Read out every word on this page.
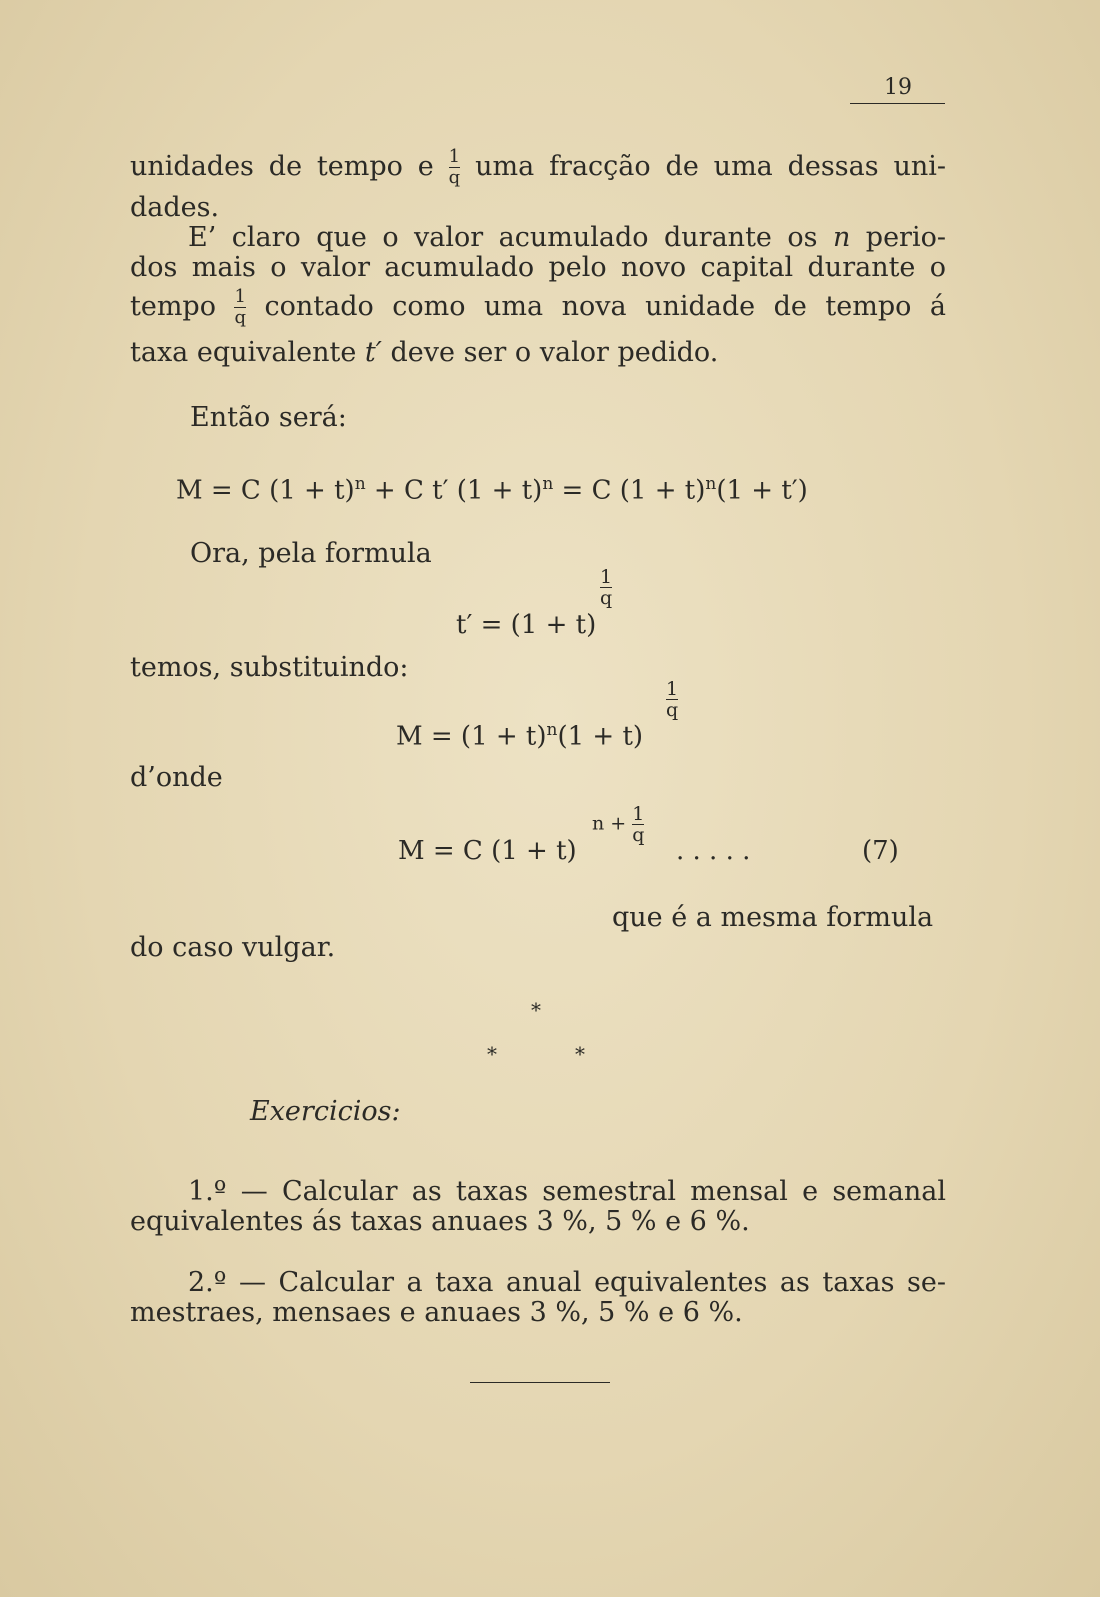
19
unidades de tempo e $\frac{1}{q}$ uma fracção de uma dessas uni-
dades.
E’ claro que o valor acumulado durante os n perio-
dos mais o valor acumulado pelo novo capital durante o
tempo $\frac{1}{q}$ contado como uma nova unidade de tempo á
taxa equivalente t′ deve ser o valor pedido.
Então será:
M = C $(1 + t)^n + C$ t′ $(1 + t)^n = C$ $(1 + t)^n(1 + t')$
Ora, pela formula
t′ = (1 + t)
$\frac{1}{q}$
temos, substituindo:
$M = (1 + t)^n(1 + t)$
$\frac{1}{q}$
d’onde
M = C (1 + t)
$n + \frac{1}{q}$
. . . . .	(7)
que é a mesma formula
do caso vulgar.
*
*	*
Exercicios:
1.º — Calcular as taxas semestral mensal e semanal
equivalentes ás taxas anuaes 3 %, 5 % e 6 %.
2.º — Calcular a taxa anual equivalentes as taxas se-
mestraes, mensaes e anuaes 3 %, 5 % e 6 %.
